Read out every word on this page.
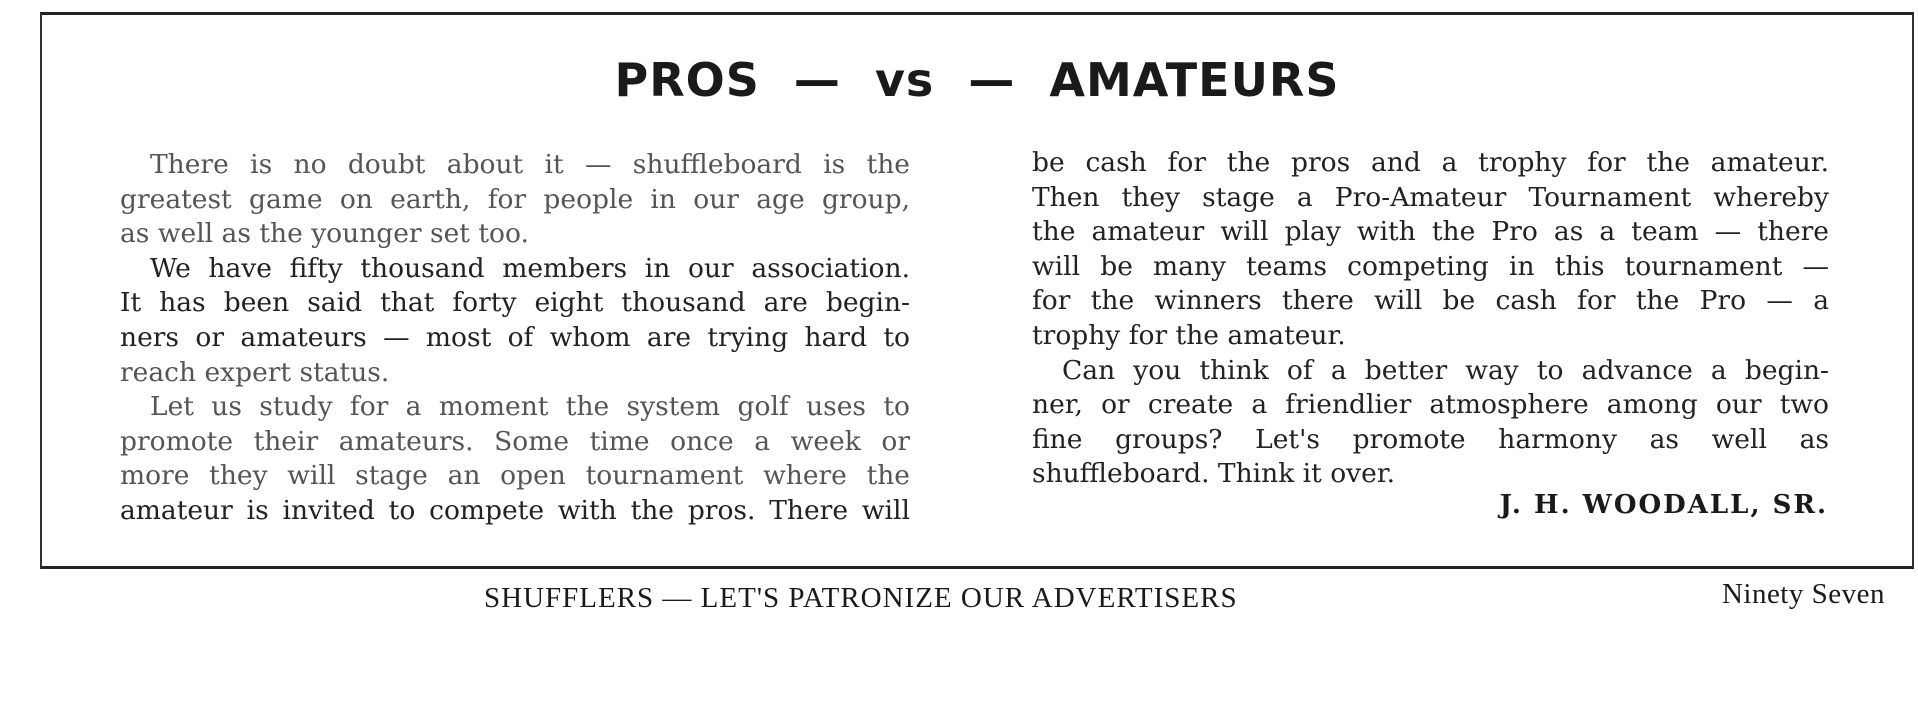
PROS  —  vs  —  AMATEURS
There is no doubt about it — shuffleboard is the
greatest game on earth, for people in our age group,
as well as the younger set too.
We have fifty thousand members in our association.
It has been said that forty eight thousand are begin-
ners or amateurs — most of whom are trying hard to
reach expert status.
Let us study for a moment the system golf uses to
promote their amateurs. Some time once a week or
more they will stage an open tournament where the
amateur is invited to compete with the pros. There will
be cash for the pros and a trophy for the amateur.
Then they stage a Pro-Amateur Tournament whereby
the amateur will play with the Pro as a team — there
will be many teams competing in this tournament —
for the winners there will be cash for the Pro — a
trophy for the amateur.
Can you think of a better way to advance a begin-
ner, or create a friendlier atmosphere among our two
fine groups? Let's promote harmony as well as
shuffleboard. Think it over.
J. H. WOODALL, SR.
SHUFFLERS — LET'S PATRONIZE OUR ADVERTISERS	Ninety Seven
